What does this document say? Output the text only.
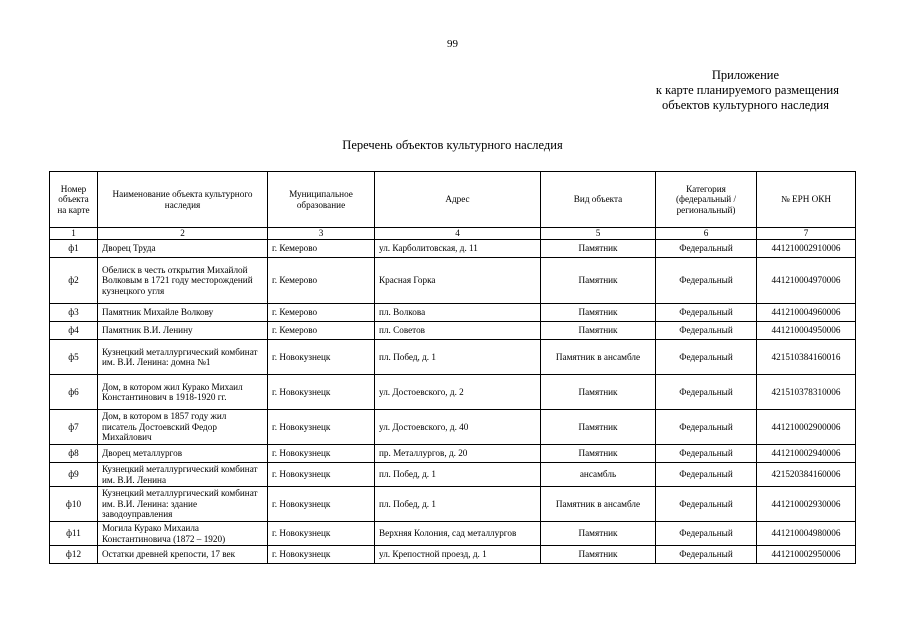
99
Приложение
к карте планируемого размещения
объектов культурного наследия
Перечень объектов культурного наследия
Номер объекта на карте	Наименование объекта культурного наследия	Муниципальное образование	Адрес	Вид объекта	Категория (федеральный / региональный)	№ ЕРН ОКН
1	2	3	4	5	6	7
ф1	Дворец Труда	г. Кемерово	ул. Карболитовская, д. 11	Памятник	Федеральный	441210002910006
ф2	Обелиск в честь открытия Михайлой Волковым в 1721 году месторождений кузнецкого угля	г. Кемерово	Красная Горка	Памятник	Федеральный	441210004970006
ф3	Памятник Михайле Волкову	г. Кемерово	пл. Волкова	Памятник	Федеральный	441210004960006
ф4	Памятник В.И. Ленину	г. Кемерово	пл. Советов	Памятник	Федеральный	441210004950006
ф5	Кузнецкий металлургический комбинат им. В.И. Ленина: домна №1	г. Новокузнецк	пл. Побед, д. 1	Памятник в ансамбле	Федеральный	421510384160016
ф6	Дом, в котором жил Курако Михаил Константинович в 1918-1920 гг.	г. Новокузнецк	ул. Достоевского, д. 2	Памятник	Федеральный	421510378310006
ф7	Дом, в котором в 1857 году жил писатель Достоевский Федор Михайлович	г. Новокузнецк	ул. Достоевского, д. 40	Памятник	Федеральный	441210002900006
ф8	Дворец металлургов	г. Новокузнецк	пр. Металлургов, д. 20	Памятник	Федеральный	441210002940006
ф9	Кузнецкий металлургический комбинат им. В.И. Ленина	г. Новокузнецк	пл. Побед, д. 1	ансамбль	Федеральный	421520384160006
ф10	Кузнецкий металлургический комбинат им. В.И. Ленина: здание заводоуправления	г. Новокузнецк	пл. Побед, д. 1	Памятник в ансамбле	Федеральный	441210002930006
ф11	Могила Курако Михаила Константиновича (1872 – 1920)	г. Новокузнецк	Верхняя Колония, сад металлургов	Памятник	Федеральный	441210004980006
ф12	Остатки древней крепости, 17 век	г. Новокузнецк	ул. Крепостной проезд, д. 1	Памятник	Федеральный	441210002950006
